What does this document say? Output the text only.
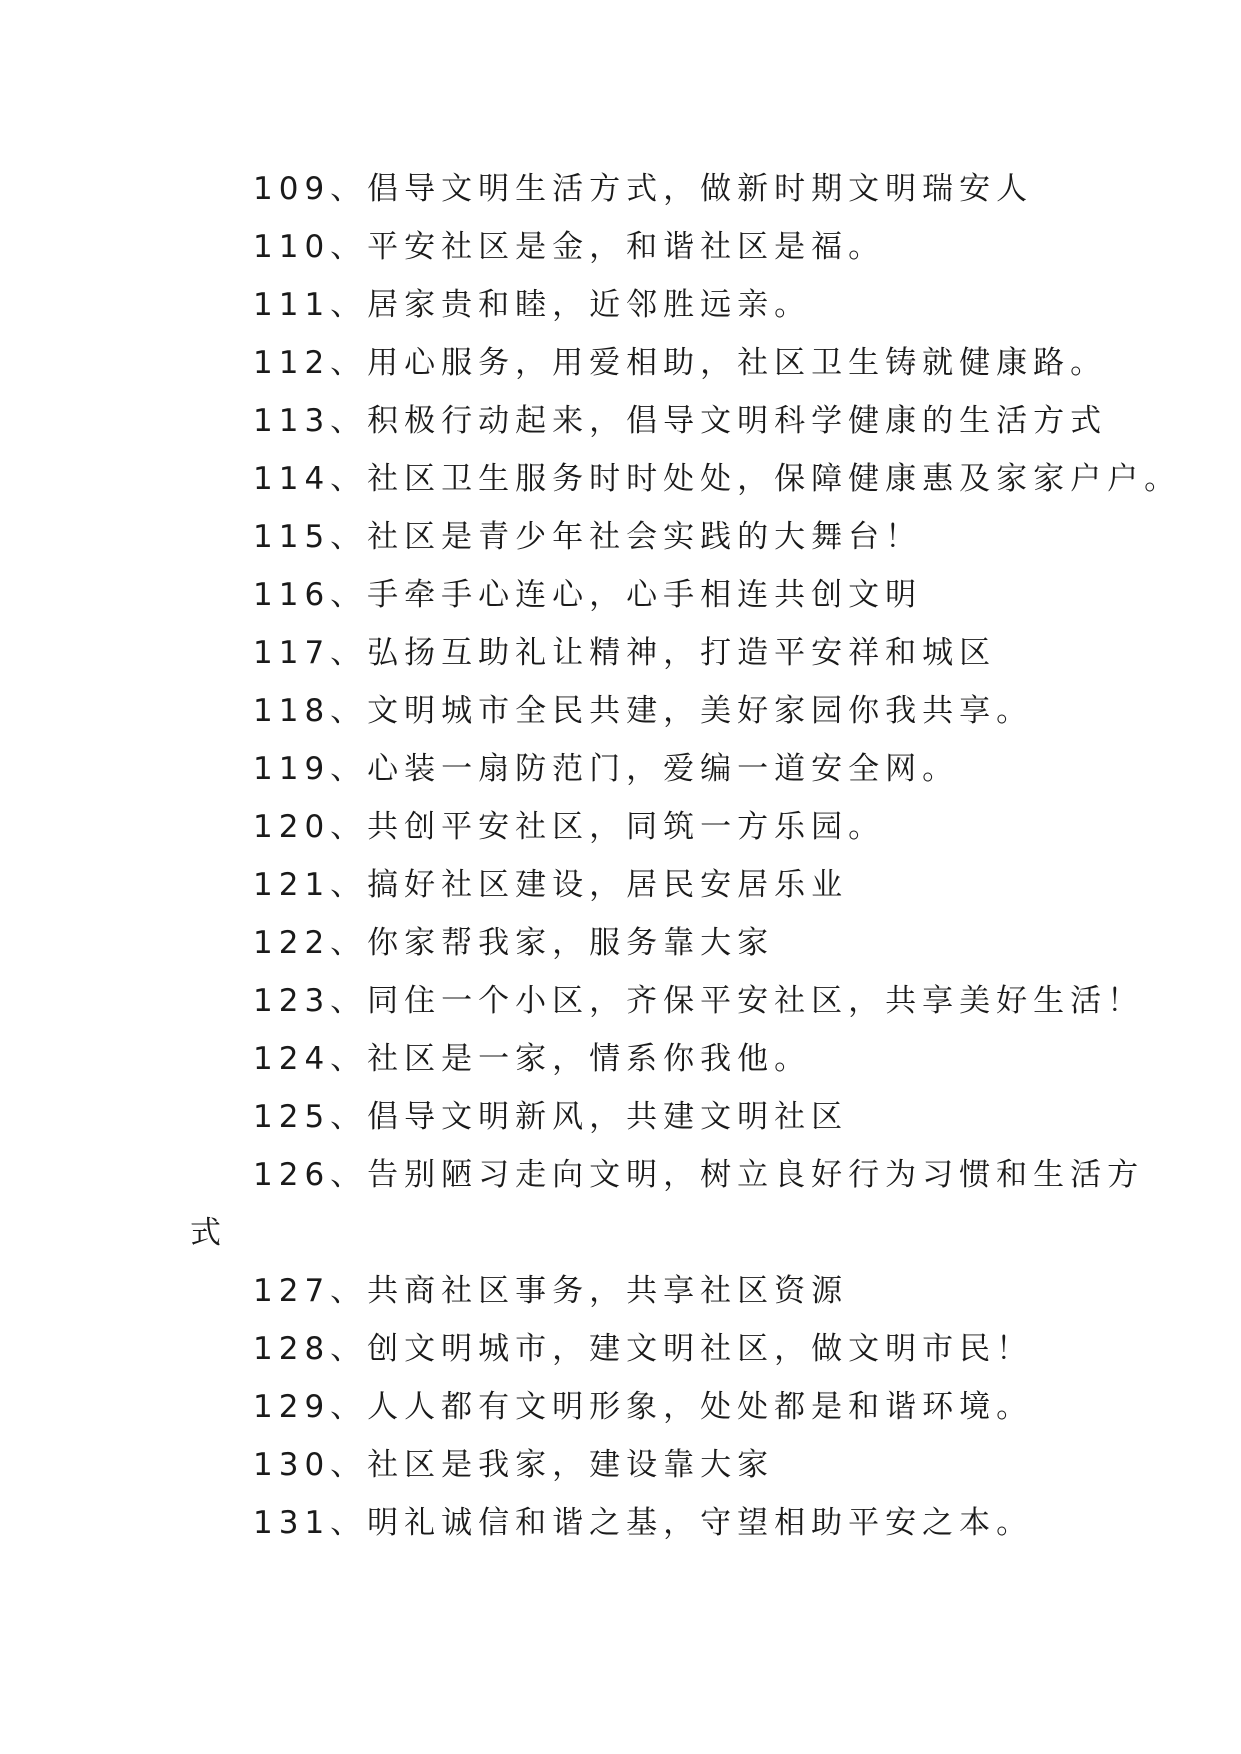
109、倡导文明生活方式，做新时期文明瑞安人

110、平安社区是金，和谐社区是福。

111、居家贵和睦，近邻胜远亲。

112、用心服务，用爱相助，社区卫生铸就健康路。

113、积极行动起来，倡导文明科学健康的生活方式

114、社区卫生服务时时处处，保障健康惠及家家户户。

115、社区是青少年社会实践的大舞台！

116、手牵手心连心，心手相连共创文明

117、弘扬互助礼让精神，打造平安祥和城区

118、文明城市全民共建，美好家园你我共享。

119、心装一扇防范门，爱编一道安全网。

120、共创平安社区，同筑一方乐园。

121、搞好社区建设，居民安居乐业

122、你家帮我家，服务靠大家

123、同住一个小区，齐保平安社区，共享美好生活！

124、社区是一家，情系你我他。

125、倡导文明新风，共建文明社区

126、告别陋习走向文明，树立良好行为习惯和生活方

式

127、共商社区事务，共享社区资源

128、创文明城市，建文明社区，做文明市民！

129、人人都有文明形象，处处都是和谐环境。

130、社区是我家，建设靠大家

131、明礼诚信和谐之基，守望相助平安之本。
